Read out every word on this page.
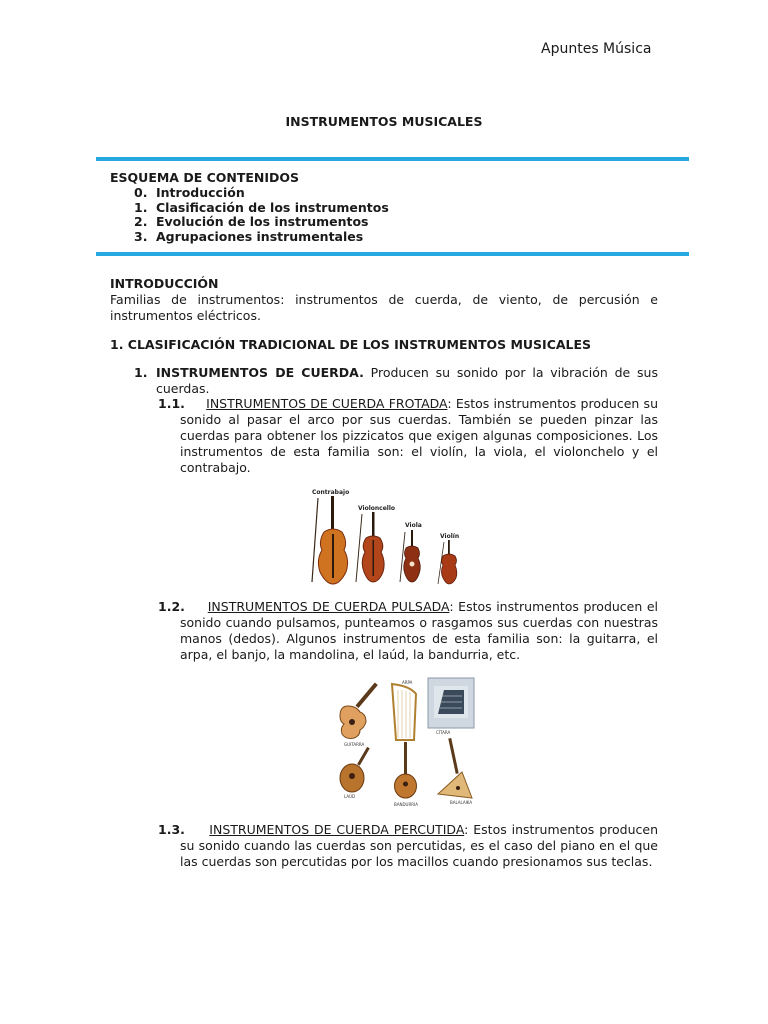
Apuntes Música
INSTRUMENTOS MUSICALES
ESQUEMA DE CONTENIDOS
0. Introducción
1. Clasificación de los instrumentos
2. Evolución de los instrumentos
3. Agrupaciones instrumentales
INTRODUCCIÓN
Familias de instrumentos: instrumentos de cuerda, de viento, de percusión e instrumentos eléctricos.
1. CLASIFICACIÓN TRADICIONAL DE LOS INSTRUMENTOS MUSICALES
1. INSTRUMENTOS DE CUERDA. Producen su sonido por la vibración de sus cuerdas.
1.1. INSTRUMENTOS DE CUERDA FROTADA: Estos instrumentos producen su sonido al pasar el arco por sus cuerdas. También se pueden pinzar las cuerdas para obtener los pizzicatos que exigen algunas composiciones. Los instrumentos de esta familia son: el violín, la viola, el violonchelo y el contrabajo.
Contrabajo
Violoncello
Viola
Violín
1.2. INSTRUMENTOS DE CUERDA PULSADA: Estos instrumentos producen el sonido cuando pulsamos, punteamos o rasgamos sus cuerdas con nuestras manos (dedos). Algunos instrumentos de esta familia son: la guitarra, el arpa, el banjo, la mandolina, el laúd, la bandurria, etc.
GUITARRA
ARPA
CÍTARA
LAÚD
BANDURRIA	BALALAIKA
1.3. INSTRUMENTOS DE CUERDA PERCUTIDA: Estos instrumentos producen su sonido cuando las cuerdas son percutidas, es el caso del piano en el que las cuerdas son percutidas por los macillos cuando presionamos sus teclas.
